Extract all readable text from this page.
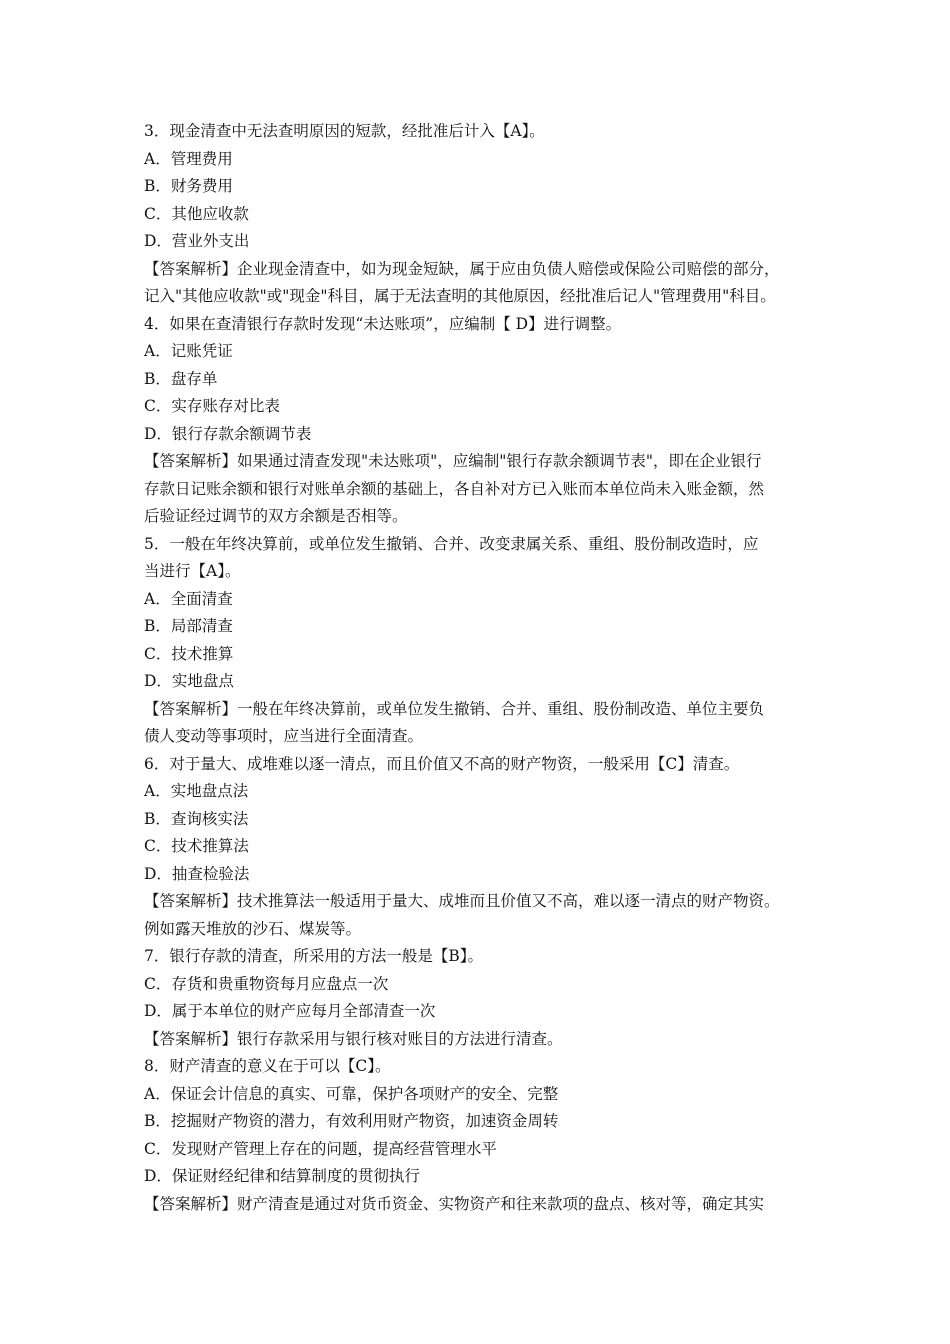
3．现金清查中无法查明原因的短款，经批准后计入【A】。

A．管理费用

B．财务费用

C．其他应收款

D．营业外支出

【答案解析】企业现金清查中，如为现金短缺，属于应由负债人赔偿或保险公司赔偿的部分，

记入"其他应收款"或"现金"科目，属于无法查明的其他原因，经批准后记人"管理费用"科目。

4．如果在查清银行存款时发现“未达账项”，应编制【 D】进行调整。

A．记账凭证

B．盘存单

C．实存账存对比表

D．银行存款余额调节表

【答案解析】如果通过清查发现"未达账项"，应编制"银行存款余额调节表"，即在企业银行

存款日记账余额和银行对账单余额的基础上，各自补对方已入账而本单位尚未入账金额，然

后验证经过调节的双方余额是否相等。

5．一般在年终决算前，或单位发生撤销、合并、改变隶属关系、重组、股份制改造时，应

当进行【A】。

A．全面清查

B．局部清查

C．技术推算

D．实地盘点

【答案解析】一般在年终决算前，或单位发生撤销、合并、重组、股份制改造、单位主要负

债人变动等事项时，应当进行全面清查。

6．对于量大、成堆难以逐一清点，而且价值又不高的财产物资，一般采用【C】清查。

A．实地盘点法

B．查询核实法

C．技术推算法

D．抽查检验法

【答案解析】技术推算法一般适用于量大、成堆而且价值又不高，难以逐一清点的财产物资。

例如露天堆放的沙石、煤炭等。

7．银行存款的清查，所采用的方法一般是【B】。

C．存货和贵重物资每月应盘点一次

D．属于本单位的财产应每月全部清查一次

【答案解析】银行存款采用与银行核对账目的方法进行清查。

8．财产清查的意义在于可以【C】。

A．保证会计信息的真实、可靠，保护各项财产的安全、完整

B．挖掘财产物资的潜力，有效利用财产物资，加速资金周转

C．发现财产管理上存在的问题，提高经营管理水平

D．保证财经纪律和结算制度的贯彻执行

【答案解析】财产清查是通过对货币资金、实物资产和往来款项的盘点、核对等，确定其实
